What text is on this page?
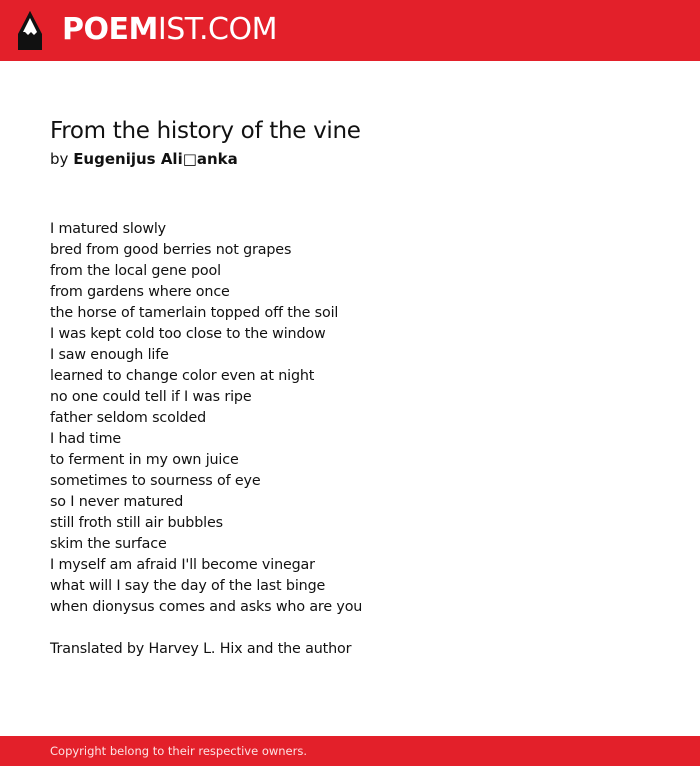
POEMIST.COM
From the history of the vine
by Eugenijus Ali□anka
I matured slowly
bred from good berries not grapes
from the local gene pool
from gardens where once
the horse of tamerlain topped off the soil
I was kept cold too close to the window
I saw enough life
learned to change color even at night
no one could tell if I was ripe
father seldom scolded
I had time
to ferment in my own juice
sometimes to sourness of eye
so I never matured
still froth still air bubbles
skim the surface
I myself am afraid I'll become vinegar
what will I say the day of the last binge
when dionysus comes and asks who are you
Translated by Harvey L. Hix and the author
Copyright belong to their respective owners.
